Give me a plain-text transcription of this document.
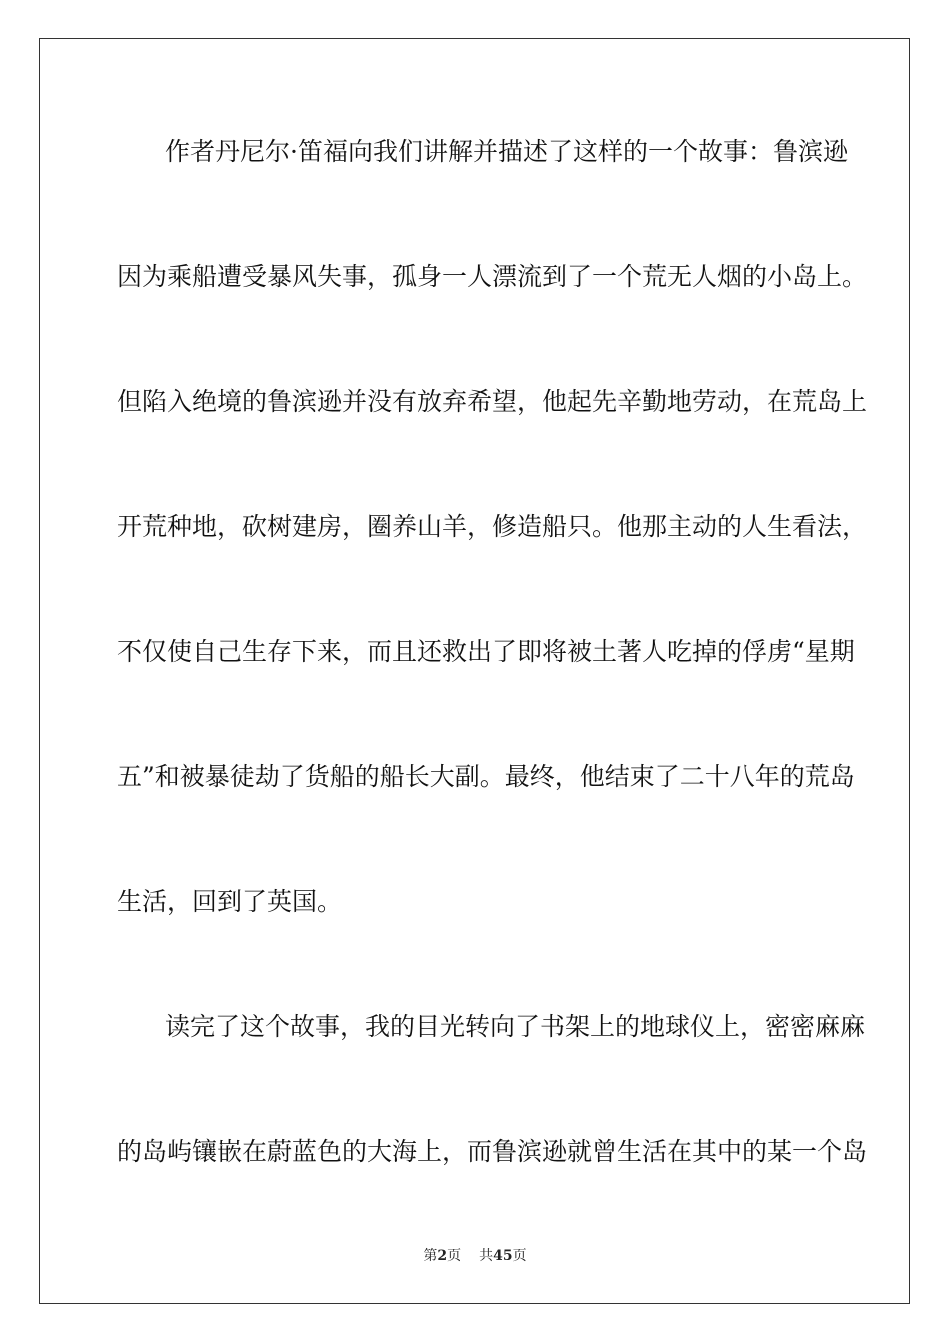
作者丹尼尔·笛福向我们讲解并描述了这样的一个故事：鲁滨逊
因为乘船遭受暴风失事，孤身一人漂流到了一个荒无人烟的小岛上。
但陷入绝境的鲁滨逊并没有放弃希望，他起先辛勤地劳动，在荒岛上
开荒种地，砍树建房，圈养山羊，修造船只。他那主动的人生看法，
不仅使自己生存下来，而且还救出了即将被土著人吃掉的俘虏“星期
五”和被暴徒劫了货船的船长大副。最终，他结束了二十八年的荒岛
生活，回到了英国。
读完了这个故事，我的目光转向了书架上的地球仪上，密密麻麻
的岛屿镶嵌在蔚蓝色的大海上，而鲁滨逊就曾生活在其中的某一个岛
第2页 共45页
